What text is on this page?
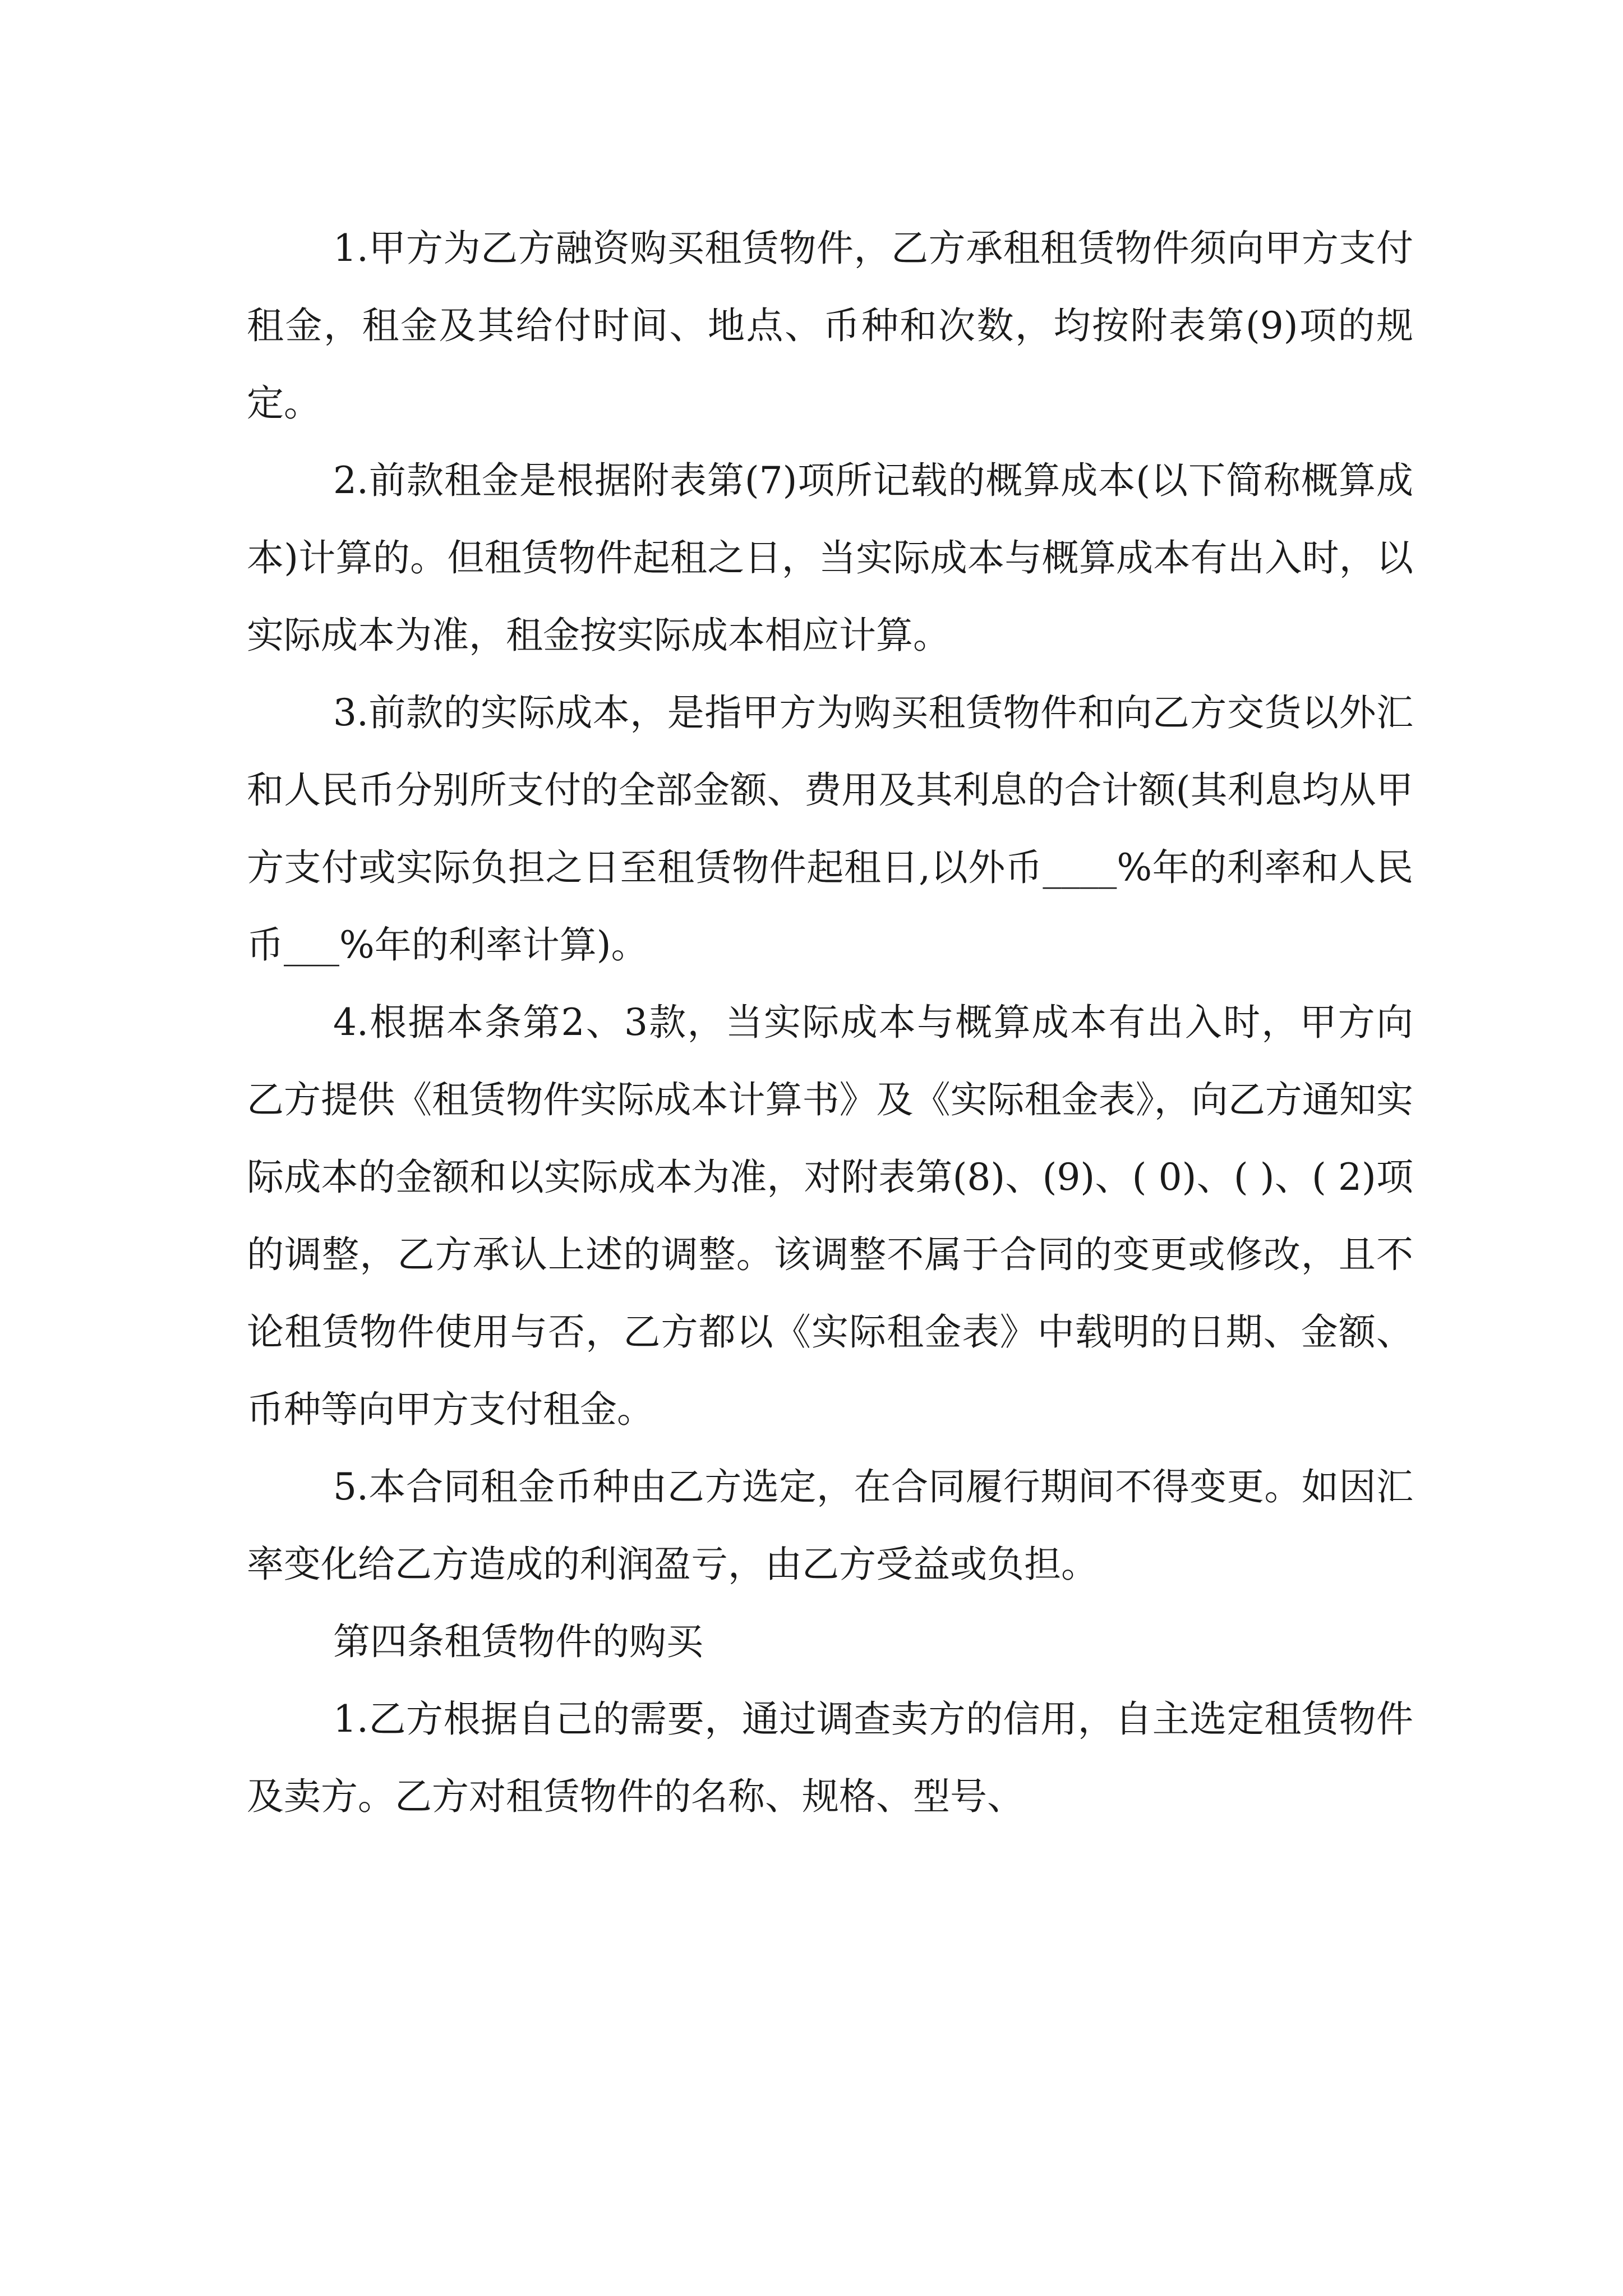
1.甲方为乙方融资购买租赁物件，乙方承租租赁物件须向甲方支付租金，租金及其给付时间、地点、币种和次数，均按附表第(9)项的规定。

2.前款租金是根据附表第(7)项所记载的概算成本(以下简称概算成本)计算的。但租赁物件起租之日，当实际成本与概算成本有出入时，以实际成本为准，租金按实际成本相应计算。

3.前款的实际成本，是指甲方为购买租赁物件和向乙方交货以外汇和人民币分别所支付的全部金额、费用及其利息的合计额(其利息均从甲方支付或实际负担之日至租赁物件起租日,以外币____%年的利率和人民币___%年的利率计算)。

4.根据本条第2、3款，当实际成本与概算成本有出入时，甲方向乙方提供《租赁物件实际成本计算书》及《实际租金表》，向乙方通知实际成本的金额和以实际成本为准，对附表第(8)、(9)、( 0)、( )、( 2)项的调整，乙方承认上述的调整。该调整不属于合同的变更或修改，且不论租赁物件使用与否，乙方都以《实际租金表》中载明的日期、金额、币种等向甲方支付租金。

5.本合同租金币种由乙方选定，在合同履行期间不得变更。如因汇率变化给乙方造成的利润盈亏，由乙方受益或负担。

第四条租赁物件的购买

1.乙方根据自己的需要，通过调查卖方的信用，自主选定租赁物件及卖方。乙方对租赁物件的名称、规格、型号、
